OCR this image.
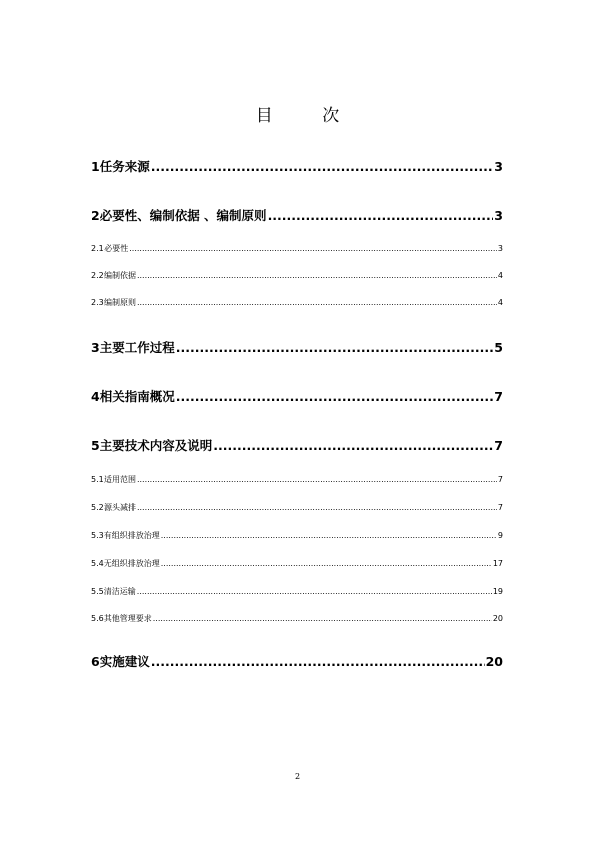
目 次
1 任务来源 .....	3
2 必要性、编制依据 、编制原则 .....	3
2.1 必要性 .....	3
2.2 编制依据 .....	4
2.3 编制原则 .....	4
3 主要工作过程 .....	5
4 相关指南概况 .....	7
5 主要技术内容及说明 .....	7
5.1 适用范围 .....	7
5.2 源头减排 .....	7
5.3 有组织排放治理 .....	9
5.4 无组织排放治理 .....	17
5.5 清洁运输 .....	19
5.6 其他管理要求 .....	20
6 实施建议 .....	20
2
